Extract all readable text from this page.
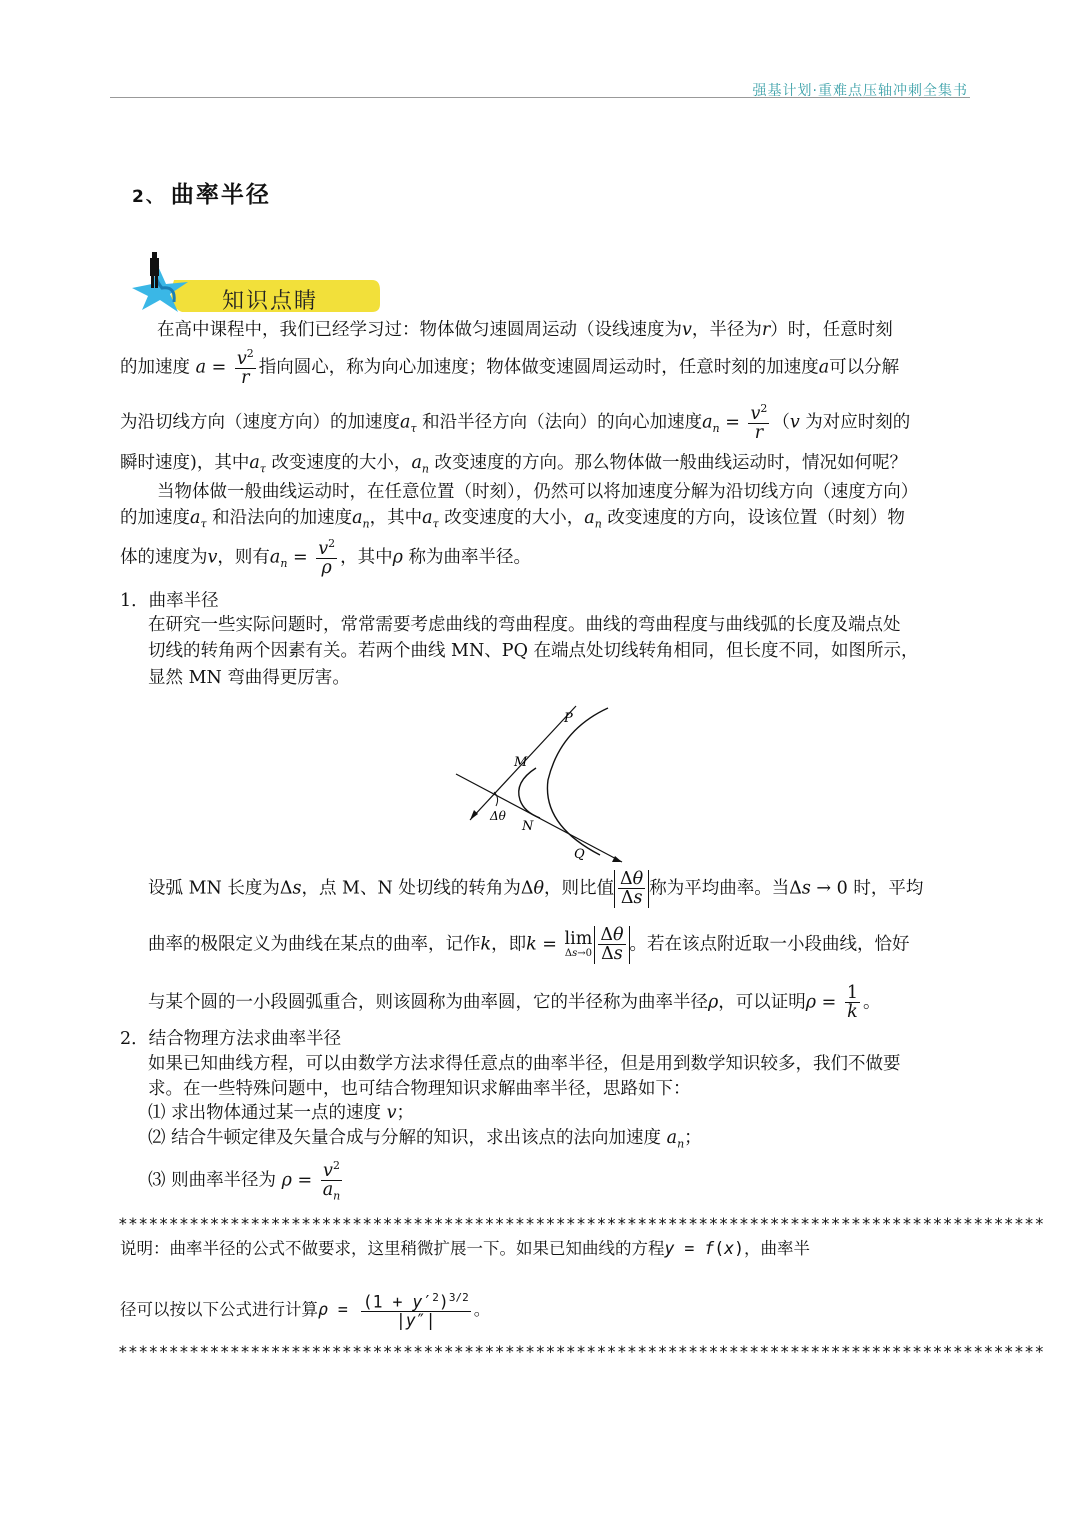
强基计划·重难点压轴冲刺全集书
2、 曲率半径
知识点睛
在高中课程中，我们已经学习过：物体做匀速圆周运动（设线速度为v，半径为r）时，任意时刻
的加速度 $a = \frac{v^2}{r}$ 指向圆心，称为向心加速度；物体做变速圆周运动时，任意时刻的加速度a可以分解
为沿切线方向（速度方向）的加速度$a_\tau$ 和沿半径方向（法向）的向心加速度$a_n = \frac{v^2}{r} (v$ 为对应时刻的
瞬时速度)，其中$a_\tau$ 改变速度的大小，$a_n$ 改变速度的方向。那么物体做一般曲线运动时，情况如何呢？
当物体做一般曲线运动时，在任意位置（时刻），仍然可以将加速度分解为沿切线方向（速度方向）
的加速度$a_\tau$ 和沿法向的加速度$a_n$，其中$a_\tau$ 改变速度的大小，$a_n$ 改变速度的方向，设该位置（时刻）物
体的速度为v，则有$a_n = \frac{v^2}{\rho}$ ，其中ρ 称为曲率半径。
1．曲率半径
在研究一些实际问题时，常常需要考虑曲线的弯曲程度。曲线的弯曲程度与曲线弧的长度及端点处
切线的转角两个因素有关。若两个曲线 MN、PQ 在端点处切线转角相同，但长度不同，如图所示，
显然 MN 弯曲得更厉害。
P
M
N
Q
Δθ
设弧 MN 长度为Δs，点 M、N 处切线的转角为Δθ，则比值 $\frac{\Delta\theta}{\Delta s}$ 称为平均曲率。当Δs → 0 时，平均
曲率的极限定义为曲线在某点的曲率，记作k，即k = lim
$\Delta s\to 0 \frac{\Delta\theta}{\Delta s}$ 。若在该点附近取一小段曲线，恰好
与某个圆的一小段圆弧重合，则该圆称为曲率圆，它的半径称为曲率半径ρ，可以证明$\rho = \frac{1}{k}$ 。
2．结合物理方法求曲率半径
如果已知曲线方程，可以由数学方法求得任意点的曲率半径，但是用到数学知识较多，我们不做要
求。在一些特殊问题中，也可结合物理知识求解曲率半径，思路如下：
⑴ 求出物体通过某一点的速度 v；
⑵ 结合牛顿定律及矢量合成与分解的知识，求出该点的法向加速度 $a_n$；
⑶ 则曲率半径为 $\rho = \frac{v^2}{a_n}$
*******************************************************************************************
说明：曲率半径的公式不做要求，这里稍微扩展一下。如果已知曲线的方程y = f(x)，曲率半
径可以按以下公式进行计算$\rho = \frac{(1 + y'^2)^{3/2}}{|y''|}$ 。
*******************************************************************************************
